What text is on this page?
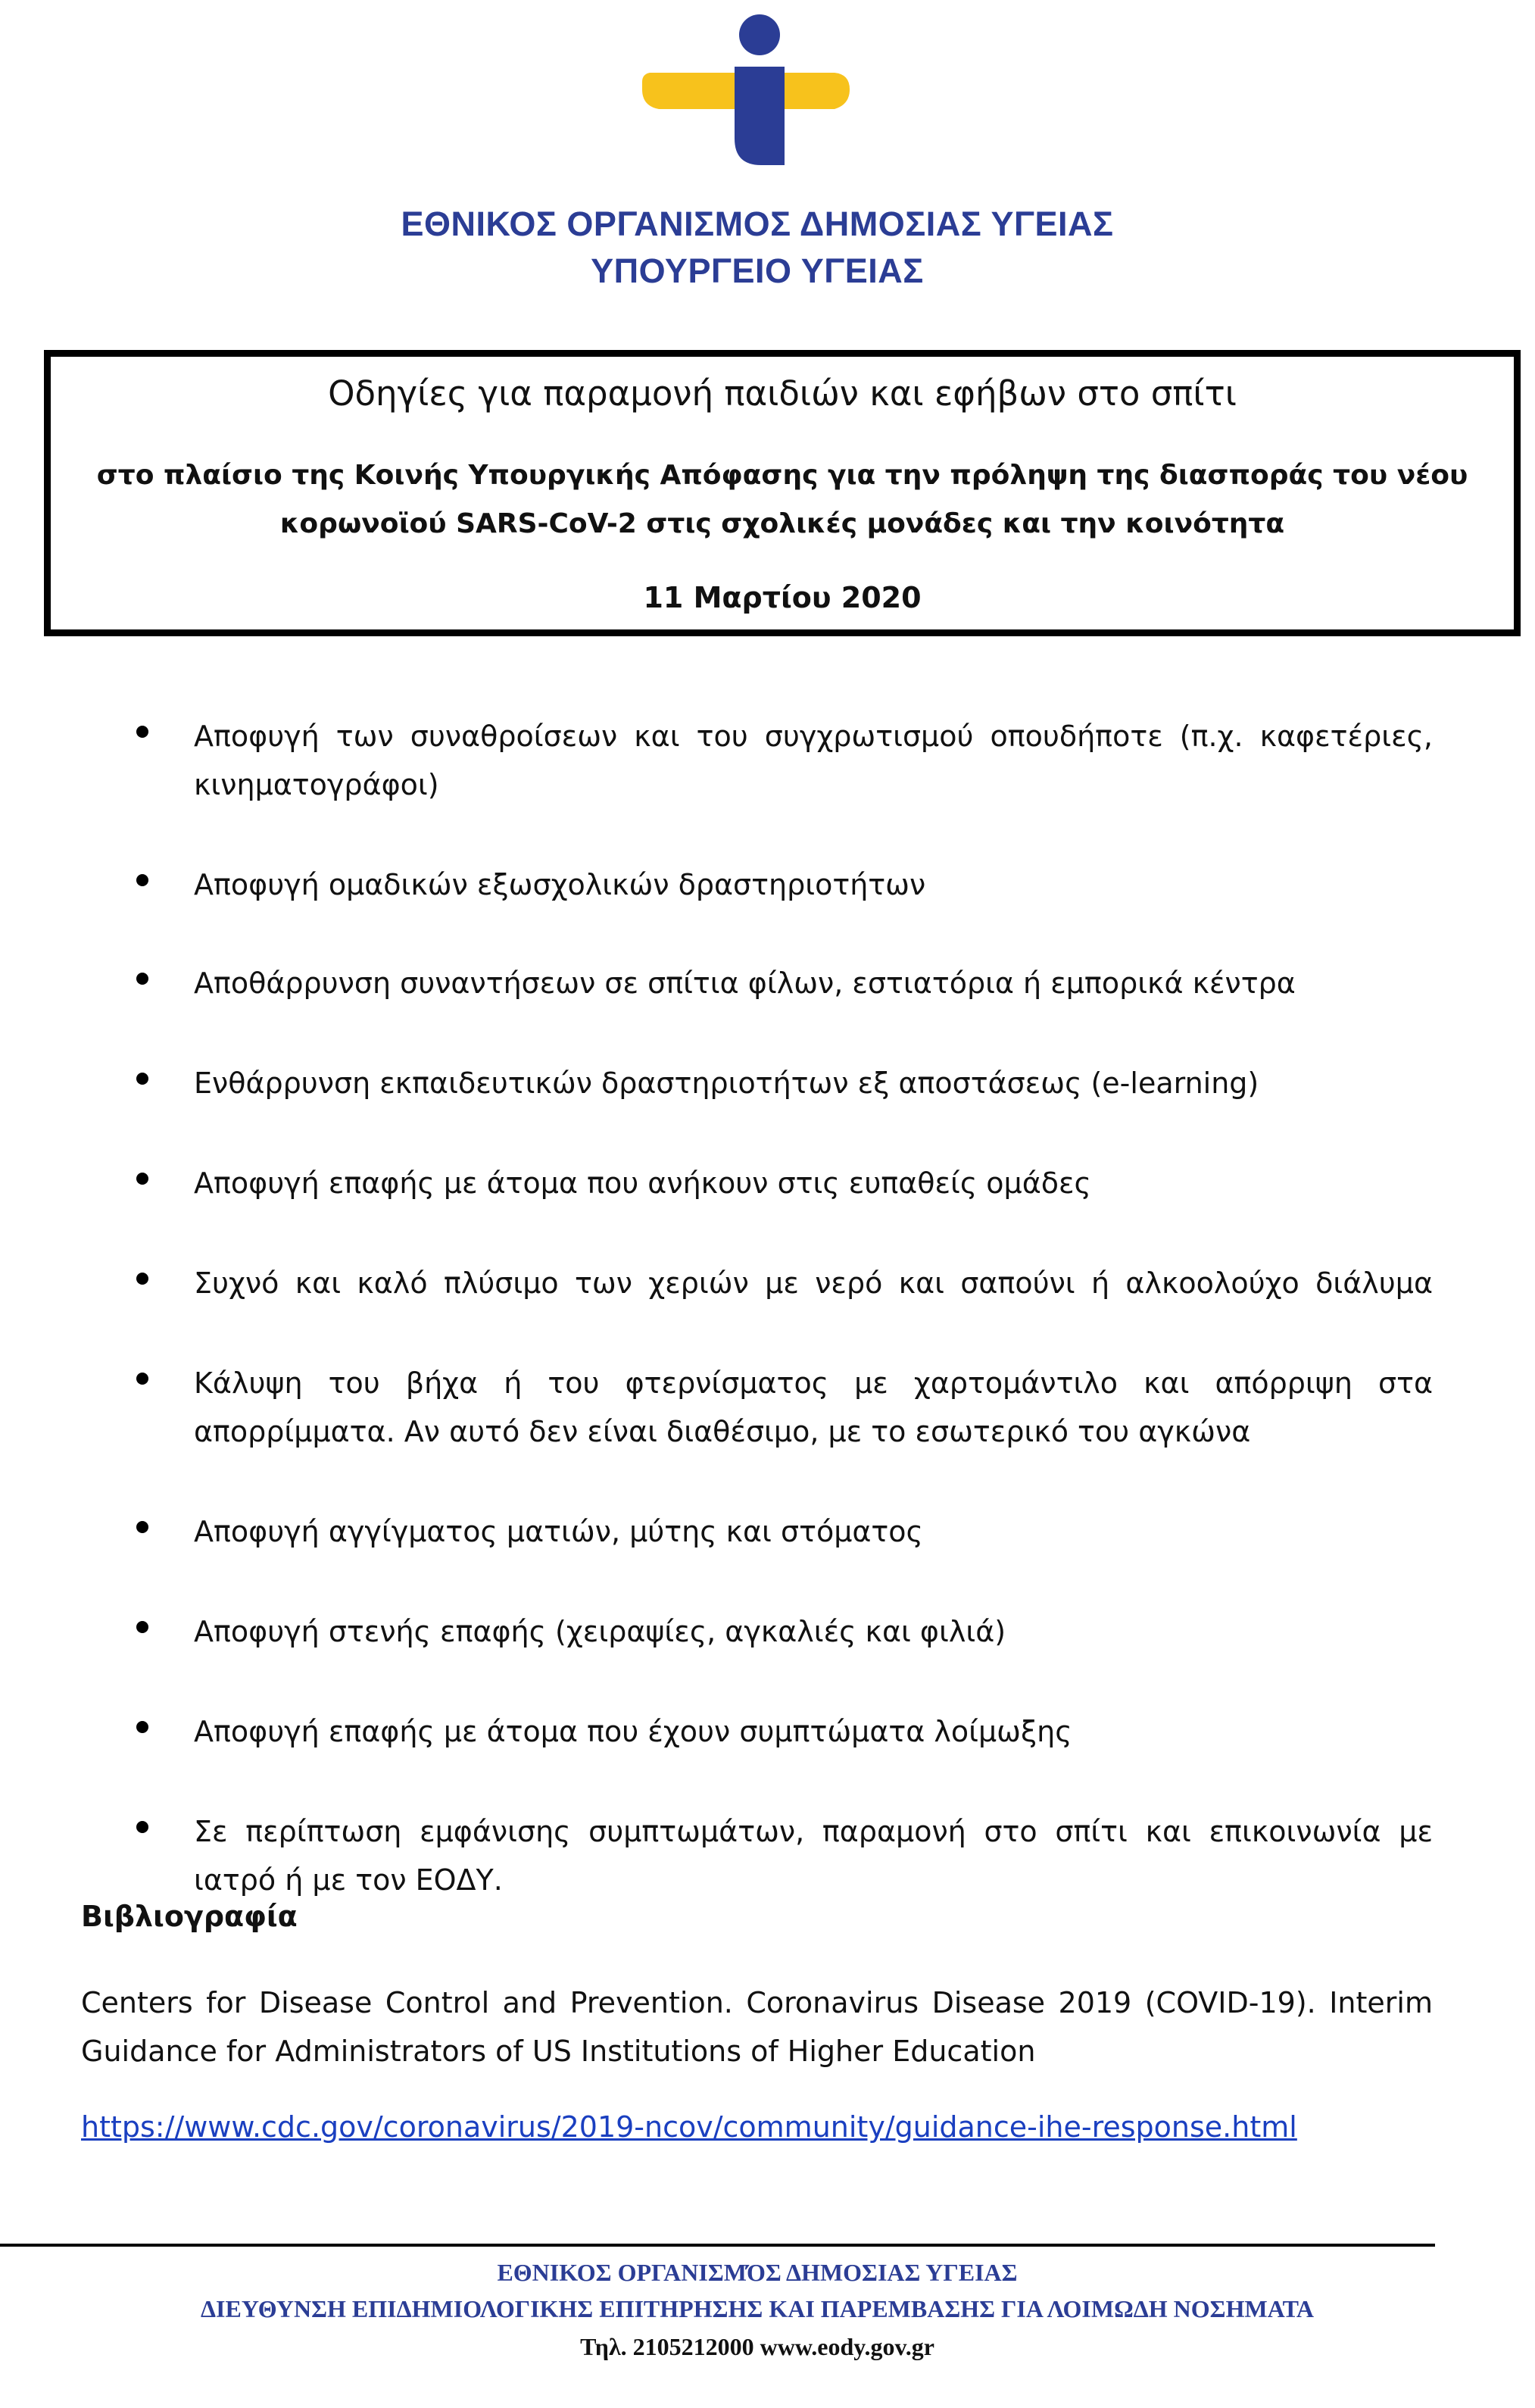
ΕΘΝΙΚΟΣ ΟΡΓΑΝΙΣΜΟΣ ΔΗΜΟΣΙΑΣ ΥΓΕΙΑΣ
ΥΠΟΥΡΓΕΙΟ ΥΓΕΙΑΣ
Οδηγίες για παραμονή παιδιών και εφήβων στο σπίτι
στο πλαίσιο της Κοινής Υπουργικής Απόφασης για την πρόληψη της διασποράς του νέου
κορωνοϊού SARS-CoV-2 στις σχολικές μονάδες και την κοινότητα
11 Μαρτίου 2020
Αποφυγή των συναθροίσεων και του συγχρωτισμού οπουδήποτε (π.χ. καφετέριες, κινηματογράφοι)
Αποφυγή ομαδικών εξωσχολικών δραστηριοτήτων
Αποθάρρυνση συναντήσεων σε σπίτια φίλων, εστιατόρια ή εμπορικά κέντρα
Ενθάρρυνση εκπαιδευτικών δραστηριοτήτων εξ αποστάσεως (e-learning)
Αποφυγή επαφής με άτομα που ανήκουν στις ευπαθείς ομάδες
Συχνό και καλό πλύσιμο των χεριών με νερό και σαπούνι ή αλκοολούχο διάλυμα
Κάλυψη του βήχα ή του φτερνίσματος με χαρτομάντιλο και απόρριψη στα απορρίμματα. Αν αυτό δεν είναι διαθέσιμο, με το εσωτερικό του αγκώνα
Αποφυγή αγγίγματος ματιών, μύτης και στόματος
Αποφυγή στενής επαφής (χειραψίες, αγκαλιές και φιλιά)
Αποφυγή επαφής με άτομα που έχουν συμπτώματα λοίμωξης
Σε περίπτωση εμφάνισης συμπτωμάτων, παραμονή στο σπίτι και επικοινωνία με ιατρό ή με τον ΕΟΔΥ.
Βιβλιογραφία
Centers for Disease Control and Prevention. Coronavirus Disease 2019 (COVID-19). Interim Guidance for Administrators of US Institutions of Higher Education
https://www.cdc.gov/coronavirus/2019-ncov/community/guidance-ihe-response.html
ΕΘΝΙΚΟΣ ΟΡΓΑΝΙΣΜΌΣ ΔΗΜΟΣΙΑΣ ΥΓΕΙΑΣ
ΔΙΕΥΘΥΝΣΗ ΕΠΙΔΗΜΙΟΛΟΓΙΚΗΣ ΕΠΙΤΗΡΗΣΗΣ ΚΑΙ ΠΑΡΕΜΒΑΣΗΣ ΓΙΑ ΛΟΙΜΩΔΗ ΝΟΣΗΜΑΤΑ
Τηλ. 2105212000 www.eody.gov.gr
